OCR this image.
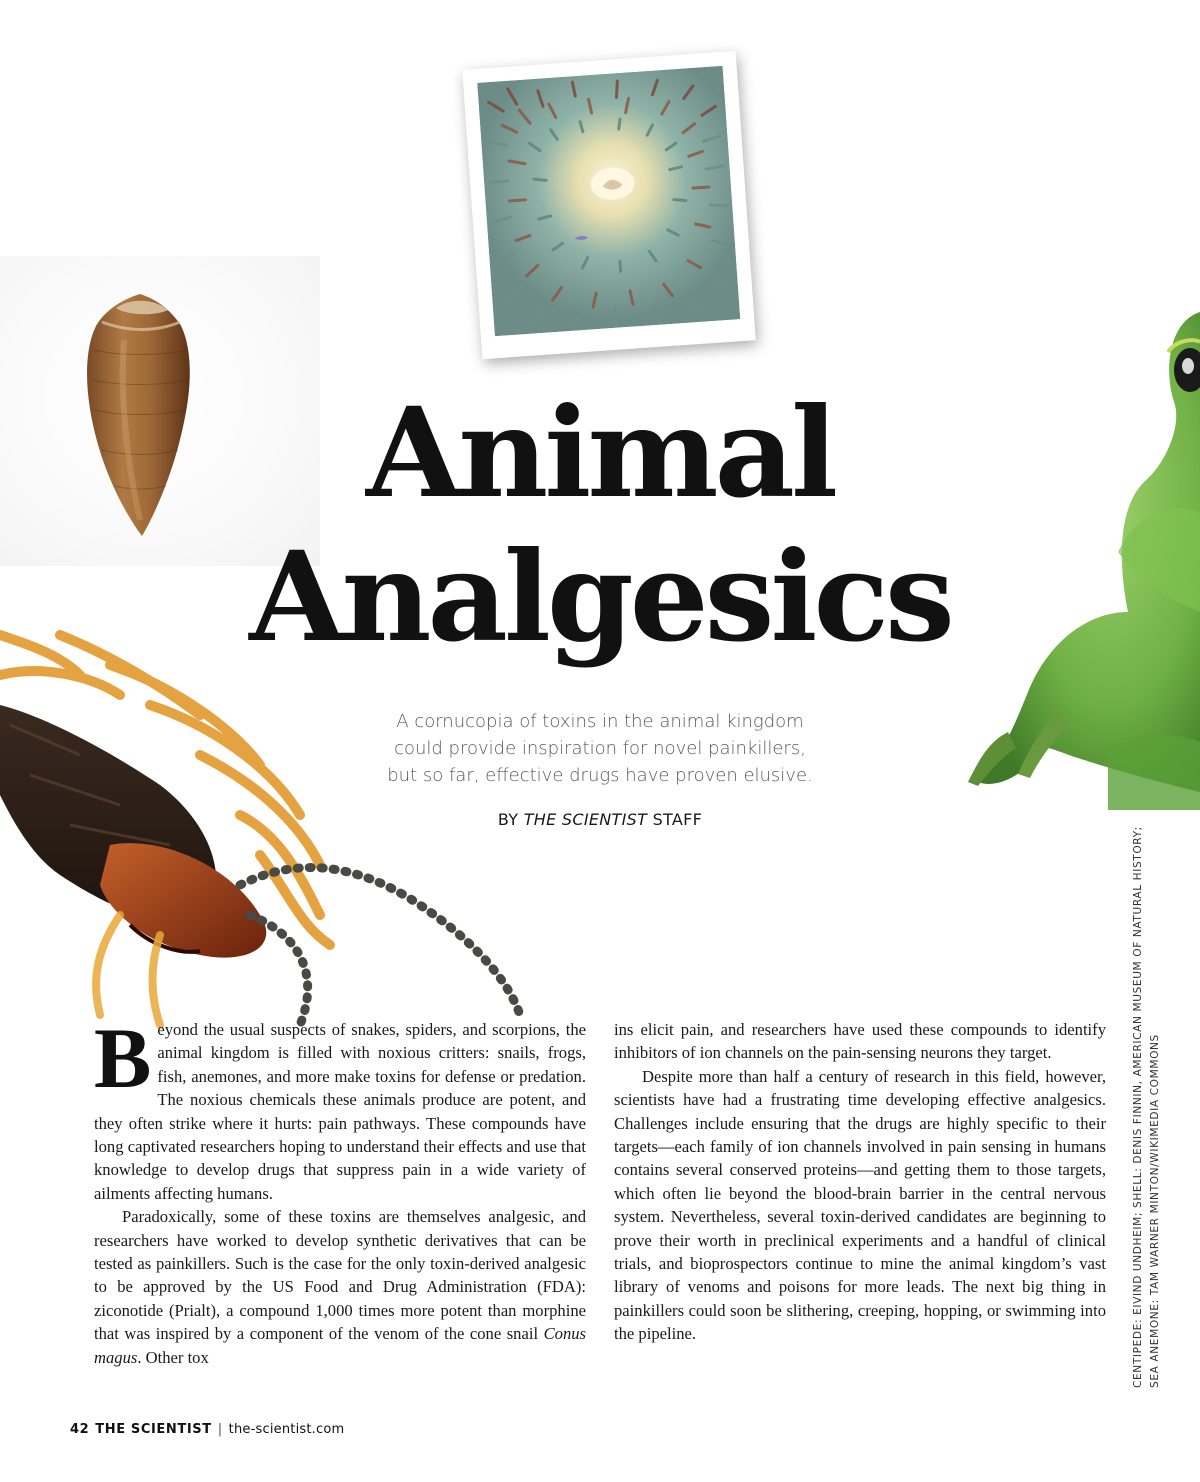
Animal
Analgesics
A cornucopia of toxins in the animal kingdom
could provide inspiration for novel painkillers,
but so far, effective drugs have proven elusive.
BY THE SCIENTIST STAFF

Beyond the usual suspects of snakes, spiders, and scorpions, the animal kingdom is filled with noxious critters: snails, frogs, fish, anemones, and more make toxins for defense or predation. The noxious chemicals these animals produce are potent, and they often strike where it hurts: pain pathways. These compounds have long captivated researchers hoping to understand their effects and use that knowledge to develop drugs that suppress pain in a wide variety of ailments affecting humans.

Paradoxically, some of these toxins are themselves analgesic, and researchers have worked to develop synthetic derivatives that can be tested as painkillers. Such is the case for the only toxin-derived analgesic to be approved by the US Food and Drug Administration (FDA): ziconotide (Prialt), a compound 1,000 times more potent than morphine that was inspired by a component of the venom of the cone snail Conus magus. Other tox

ins elicit pain, and researchers have used these compounds to identify inhibitors of ion channels on the pain-sensing neurons they target.

Despite more than half a century of research in this field, however, scientists have had a frustrating time developing effective analgesics. Challenges include ensuring that the drugs are highly specific to their targets—each family of ion channels involved in pain sensing in humans contains several conserved proteins—and getting them to those targets, which often lie beyond the blood-brain barrier in the central nervous system. Nevertheless, several toxin-derived candidates are beginning to prove their worth in preclinical experiments and a handful of clinical trials, and bioprospectors continue to mine the animal kingdom’s vast library of venoms and poisons for more leads. The next big thing in painkillers could soon be slithering, creeping, hopping, or swimming into the pipeline.	CENTIPEDE: EIVIND UNDHEIM; SHELL: DENIS FINNIN, AMERICAN MUSEUM OF NATURAL HISTORY; SEA ANEMONE: TAM WARNER MINTON/WIKIMEDIA COMMONS
42 THE SCIENTIST | the-scientist.com
